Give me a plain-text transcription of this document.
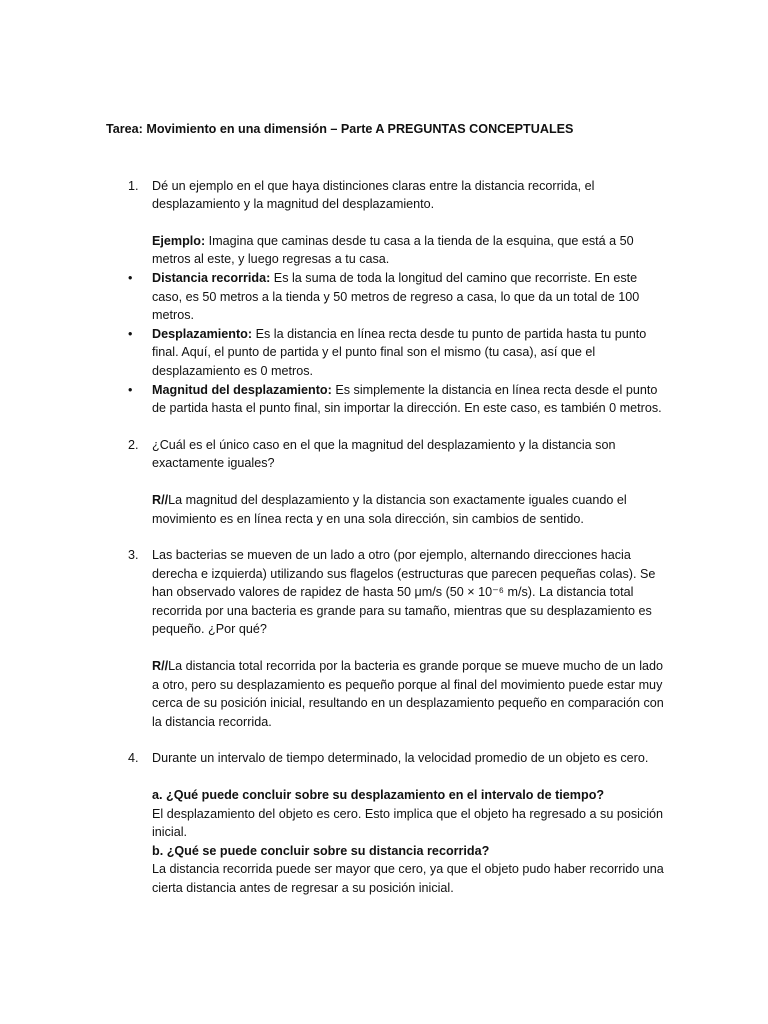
Tarea: Movimiento en una dimensión – Parte A PREGUNTAS CONCEPTUALES

1. Dé un ejemplo en el que haya distinciones claras entre la distancia recorrida, el desplazamiento y la magnitud del desplazamiento.

Ejemplo: Imagina que caminas desde tu casa a la tienda de la esquina, que está a 50 metros al este, y luego regresas a tu casa.

• Distancia recorrida: Es la suma de toda la longitud del camino que recorriste. En este caso, es 50 metros a la tienda y 50 metros de regreso a casa, lo que da un total de 100 metros.
• Desplazamiento: Es la distancia en línea recta desde tu punto de partida hasta tu punto final. Aquí, el punto de partida y el punto final son el mismo (tu casa), así que el desplazamiento es 0 metros.
• Magnitud del desplazamiento: Es simplemente la distancia en línea recta desde el punto de partida hasta el punto final, sin importar la dirección. En este caso, es también 0 metros.
2. ¿Cuál es el único caso en el que la magnitud del desplazamiento y la distancia son exactamente iguales?

R//La magnitud del desplazamiento y la distancia son exactamente iguales cuando el movimiento es en línea recta y en una sola dirección, sin cambios de sentido.

3. Las bacterias se mueven de un lado a otro (por ejemplo, alternando direcciones hacia derecha e izquierda) utilizando sus flagelos (estructuras que parecen pequeñas colas). Se han observado valores de rapidez de hasta 50 μm/s (50 × 10⁻⁶ m/s). La distancia total recorrida por una bacteria es grande para su tamaño, mientras que su desplazamiento es pequeño. ¿Por qué?

R//La distancia total recorrida por la bacteria es grande porque se mueve mucho de un lado a otro, pero su desplazamiento es pequeño porque al final del movimiento puede estar muy cerca de su posición inicial, resultando en un desplazamiento pequeño en comparación con la distancia recorrida.

4. Durante un intervalo de tiempo determinado, la velocidad promedio de un objeto es cero.

a. ¿Qué puede concluir sobre su desplazamiento en el intervalo de tiempo?

El desplazamiento del objeto es cero. Esto implica que el objeto ha regresado a su posición inicial.

b. ¿Qué se puede concluir sobre su distancia recorrida?

La distancia recorrida puede ser mayor que cero, ya que el objeto pudo haber recorrido una cierta distancia antes de regresar a su posición inicial.
